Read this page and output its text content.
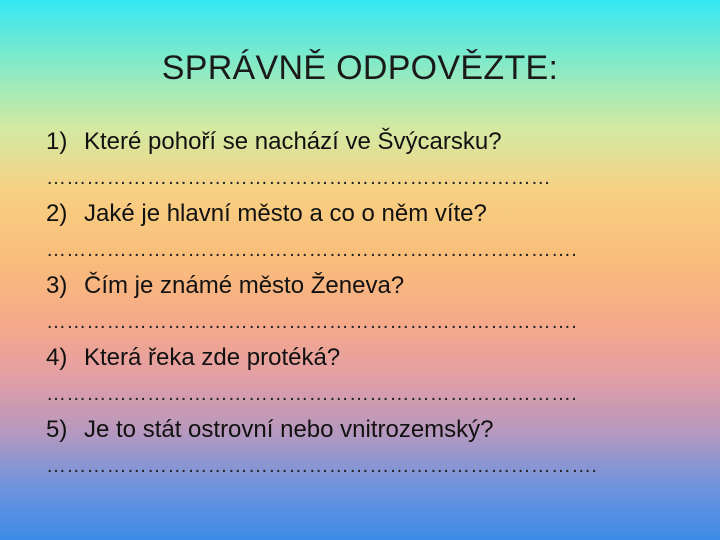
SPRÁVNĚ ODPOVĚZTE:
1) Které pohoří se nachází ve Švýcarsku?
…………………………………………………………………
2) Jaké je hlavní město a co o něm víte?
…………………………………………………………………….
3) Čím je známé město Ženeva?
…………………………………………………………………….
4) Která řeka zde protéká?
…………………………………………………………………….
5) Je to stát ostrovní nebo vnitrozemský?
……………………………………………………………………….
